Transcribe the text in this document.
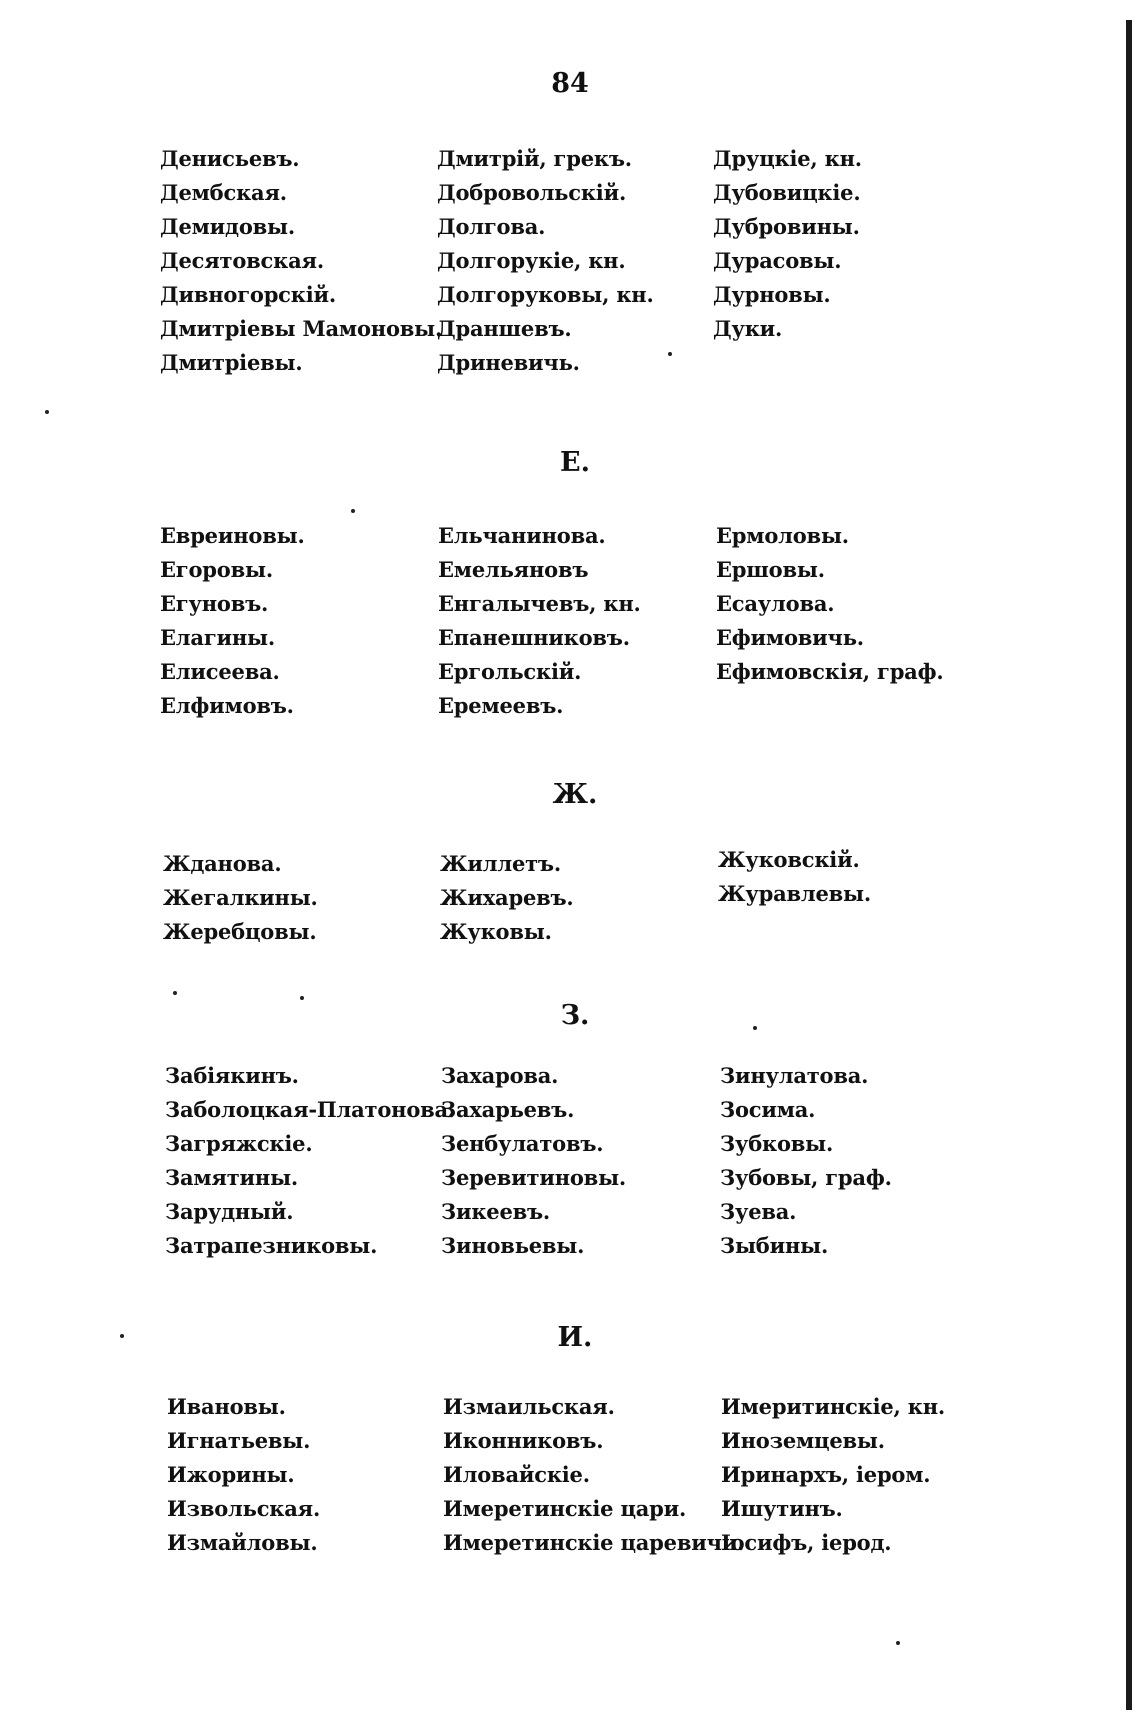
84
Денисьевъ.
Дембская.
Демидовы.
Десятовская.
Дивногорскій.
Дмитріевы Мамоновы.
Дмитріевы.
Дмитрій, грекъ.
Добровольскій.
Долгова.
Долгорукіе, кн.
Долгоруковы, кн.
Драншевъ.
Дриневичь.
Друцкіе, кн.
Дубовицкіе.
Дубровины.
Дурасовы.
Дурновы.
Дуки.
Е.
Евреиновы.
Егоровы.
Егуновъ.
Елагины.
Елисеева.
Елфимовъ.
Ельчанинова.
Емельяновъ
Енгалычевъ, кн.
Епанешниковъ.
Ергольскій.
Еремеевъ.
Ермоловы.
Ершовы.
Есаулова.
Ефимовичь.
Ефимовскія, граф.
Ж.
Жданова.
Жегалкины.
Жеребцовы.
Жиллетъ.
Жихаревъ.
Жуковы.
Жуковскій.
Журавлевы.
З.
Забіякинъ.
Заболоцкая-Платонова.
Загряжскіе.
Замятины.
Зарудный.
Затрапезниковы.
Захарова.
Захарьевъ.
Зенбулатовъ.
Зеревитиновы.
Зикеевъ.
Зиновьевы.
Зинулатова.
Зосима.
Зубковы.
Зубовы, граф.
Зуева.
Зыбины.
И.
Ивановы.
Игнатьевы.
Ижорины.
Извольская.
Измайловы.
Измаильская.
Иконниковъ.
Иловайскіе.
Имеретинскіе цари.
Имеретинскіе царевичи.
Имеритинскіе, кн.
Иноземцевы.
Иринархъ, іером.
Ишутинъ.
Іосифъ, іерод.
